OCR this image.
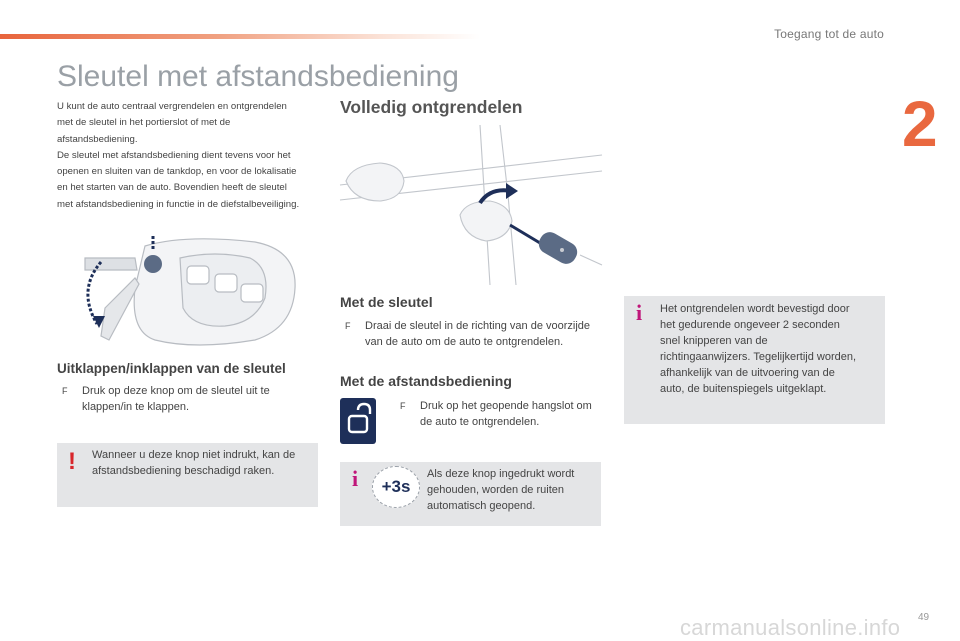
Toegang tot de auto
2
Sleutel met afstandsbediening

U kunt de auto centraal vergrendelen en ontgrendelen

met de sleutel in het portierslot of met de

afstandsbediening.

De sleutel met afstandsbediening dient tevens voor het

openen en sluiten van de tankdop, en voor de lokalisatie

en het starten van de auto. Bovendien heeft de sleutel

met afstandsbediening in functie in de diefstalbeveiliging.

Uitklappen/inklappen van de sleutel
F	Druk op deze knop om de sleutel uit te klappen/in te klappen.
! Wanneer u deze knop niet indrukt, kan de afstandsbediening beschadigd raken.
Volledig ontgrendelen
Met de sleutel
F	Draai de sleutel in de richting van de voorzijde van de auto om de auto te ontgrendelen.
Met de afstandsbediening
F	Druk op het geopende hangslot om de auto te ontgrendelen.
i	+3s
Als deze knop ingedrukt wordt gehouden, worden de ruiten automatisch geopend.
i Het ontgrendelen wordt bevestigd door het gedurende ongeveer 2 seconden snel knipperen van de richtingaanwijzers. Tegelijkertijd worden, afhankelijk van de uitvoering van de auto, de buitenspiegels uitgeklapt.
carmanualsonline.info 49
